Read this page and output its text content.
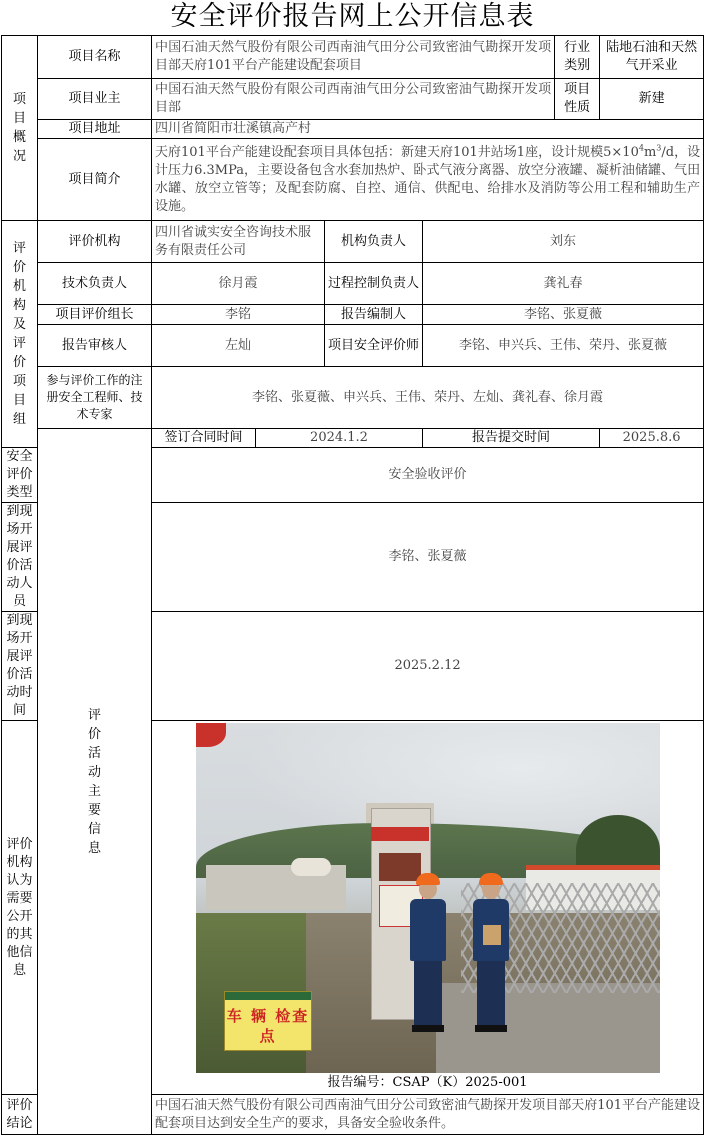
安全评价报告网上公开信息表
项目概况	项目名称	中国石油天然气股份有限公司西南油气田分公司致密油气勘探开发项目部天府101平台产能建设配套项目				行业类别	陆地石油和天然气开采业
	项目业主	中国石油天然气股份有限公司西南油气田分公司致密油气勘探开发项目部				项目性质	新建
	项目地址	四川省简阳市壮溪镇高产村					
	项目简介	天府101平台产能建设配套项目具体包括：新建天府101井站场1座，设计规模$5\times 10^4m^3/d$，设计压力6.3MPa，主要设备包含水套加热炉、卧式气液分离器、放空分液罐、凝析油储罐、气田水罐、放空立管等；及配套防腐、自控、通信、供配电、给排水及消防等公用工程和辅助生产设施。					

评价机构及评价项目组	评价机构	四川省诚实安全咨询技术服务有限责任公司		机构负责人	刘东		
	技术负责人	徐月霞		过程控制负责人	龚礼春		
	项目评价组长	李铭		报告编制人	李铭、张夏薇		
	报告审核人	左灿		项目安全评价师	李铭、申兴兵、王伟、荣丹、张夏薇		
	参与评价工作的注册安全工程师、技术专家	李铭、张夏薇、申兴兵、王伟、荣丹、左灿、龚礼春、徐月霞					

	评价活动主要信息	签订合同时间	2024.1.2		报告提交时间		2025.8.6
安全评价类型		安全验收评价					
到现场开展评价活动人员		李铭、张夏薇					
到现场开展评价活动时间		2025.2.12					
评价机构认为需要公开的其他信息		车 辆 检查点
报告编号：CSAP（K）2025-001					

评价结论		中国石油天然气股份有限公司西南油气田分公司致密油气勘探开发项目部天府101平台产能建设配套项目达到安全生产的要求，具备安全验收条件。					
